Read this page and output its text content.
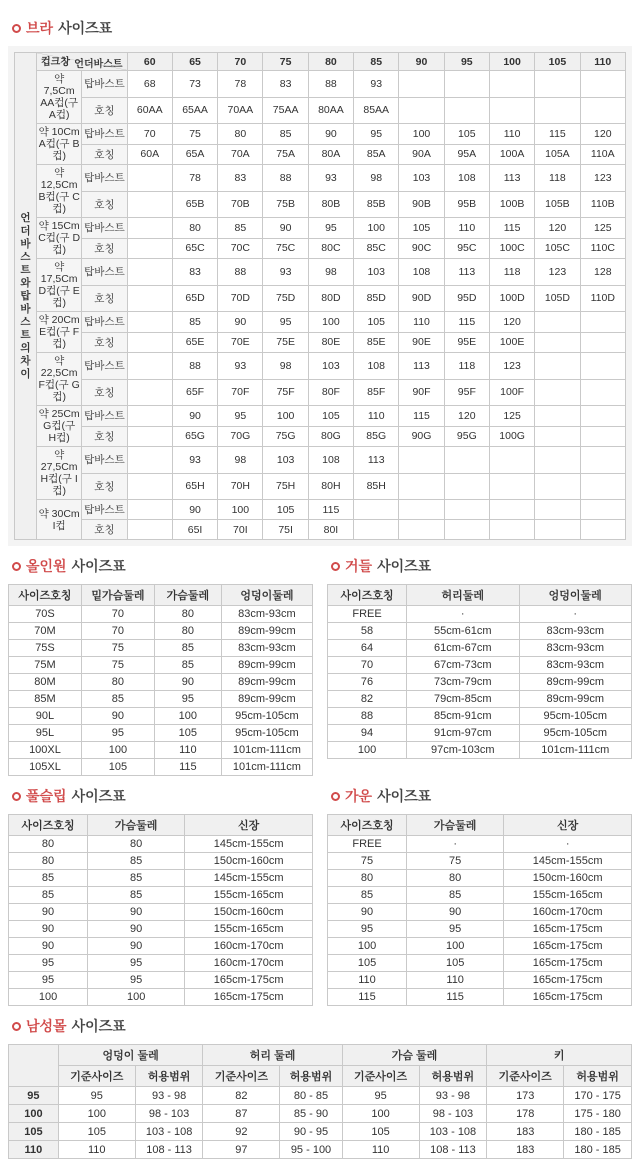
브라 사이즈표
언
더
바
스
트
와
탑
바
스
트
의
차
이	
언더바스트
컵크창	60	65	70	75	80	85	90	95	100	105	110
	약 7,5Cm
AA컵(구 A컵)	탑바스트	68	73	78	83	88	93					
		호칭	60AA	65AA	70AA	75AA	80AA	85AA					
	약 10Cm
A컵(구 B컵)	탑바스트	70	75	80	85	90	95	100	105	110	115	120
		호칭	60A	65A	70A	75A	80A	85A	90A	95A	100A	105A	110A
	약 12,5Cm
B컵(구 C컵)	탑바스트		78	83	88	93	98	103	108	113	118	123
		호칭		65B	70B	75B	80B	85B	90B	95B	100B	105B	110B
	약 15Cm
C컵(구 D컵)	탑바스트		80	85	90	95	100	105	110	115	120	125
		호칭		65C	70C	75C	80C	85C	90C	95C	100C	105C	110C
	약 17,5Cm
D컵(구 E컵)	탑바스트		83	88	93	98	103	108	113	118	123	128
		호칭		65D	70D	75D	80D	85D	90D	95D	100D	105D	110D
	약 20Cm
E컵(구 F컵)	탑바스트		85	90	95	100	105	110	115	120		
		호칭		65E	70E	75E	80E	85E	90E	95E	100E		
	약 22,5Cm
F컵(구 G컵)	탑바스트		88	93	98	103	108	113	118	123		
		호칭		65F	70F	75F	80F	85F	90F	95F	100F		
	약 25Cm
G컵(구 H컵)	탑바스트		90	95	100	105	110	115	120	125		
		호칭		65G	70G	75G	80G	85G	90G	95G	100G		
	약 27,5Cm
H컵(구 I컵)	탑바스트		93	98	103	108	113					
		호칭		65H	70H	75H	80H	85H					
	약 30Cm
I컵	탑바스트		90	100	105	115						
		호칭		65I	70I	75I	80I						
올인원 사이즈표
사이즈호칭	밑가슴둘레	가슴둘레	엉덩이둘레
70S	70	80	83cm-93cm
70M	70	80	89cm-99cm
75S	75	85	83cm-93cm
75M	75	85	89cm-99cm
80M	80	90	89cm-99cm
85M	85	95	89cm-99cm
90L	90	100	95cm-105cm
95L	95	105	95cm-105cm
100XL	100	110	101cm-111cm
105XL	105	115	101cm-111cm
거들 사이즈표
사이즈호칭	허리둘레	엉덩이둘레
FREE	·	·
58	55cm-61cm	83cm-93cm
64	61cm-67cm	83cm-93cm
70	67cm-73cm	83cm-93cm
76	73cm-79cm	89cm-99cm
82	79cm-85cm	89cm-99cm
88	85cm-91cm	95cm-105cm
94	91cm-97cm	95cm-105cm
100	97cm-103cm	101cm-111cm
풀슬립 사이즈표
사이즈호칭	가슴둘레	신장
80	80	145cm-155cm
80	85	150cm-160cm
85	85	145cm-155cm
85	85	155cm-165cm
90	90	150cm-160cm
90	90	155cm-165cm
90	90	160cm-170cm
95	95	160cm-170cm
95	95	165cm-175cm
100	100	165cm-175cm
가운 사이즈표
사이즈호칭	가슴둘레	신장
FREE	·	·
75	75	145cm-155cm
80	80	150cm-160cm
85	85	155cm-165cm
90	90	160cm-170cm
95	95	165cm-175cm
100	100	165cm-175cm
105	105	165cm-175cm
110	110	165cm-175cm
115	115	165cm-175cm
남성몰 사이즈표
	엉덩이 둘레		허리 둘레		가슴 둘레		키	
	기준사이즈	허용범위	기준사이즈	허용범위	기준사이즈	허용범위	기준사이즈	허용범위
95	95	93 - 98	82	80 - 85	95	93 - 98	173	170 - 175
100	100	98 - 103	87	85 - 90	100	98 - 103	178	175 - 180
105	105	103 - 108	92	90 - 95	105	103 - 108	183	180 - 185
110	110	108 - 113	97	95 - 100	110	108 - 113	183	180 - 185
